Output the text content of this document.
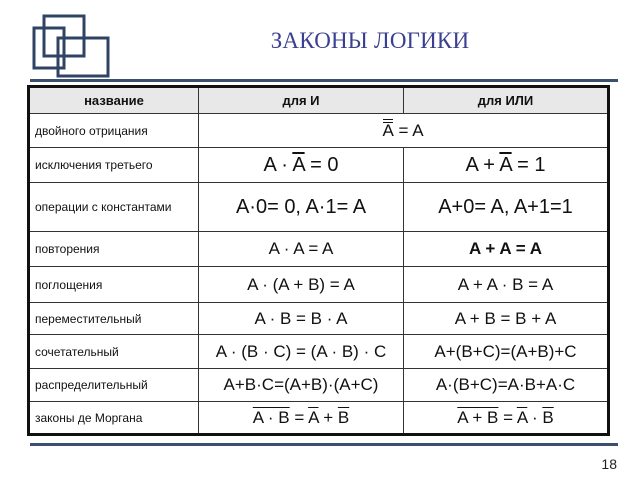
ЗАКОНЫ ЛОГИКИ
название	для И	для ИЛИ
двойного отрицания	A = A	
исключения третьего	$A \cdot \overline{A} = 0$	$A + \overline{A} = 1$
операции с константами	A·0= 0, A·1= A	A+0= A, A+1=1
повторения	A · A = A	A + A = A
поглощения	A · (A + B) = A	A + A · B = A
переместительный	A · B = B · A	A + B = B + A
сочетательный	A · (B · C) = (A · B) · C	A+(B+C)=(A+B)+C
распределительный	A+B·C=(A+B)·(A+C)	A·(B+C)=A·B+A·C
законы де Моргана	$A \cdot B = \overline{A} + \overline{B}$	$A + B = \overline{A} \cdot \overline{B}$
18
